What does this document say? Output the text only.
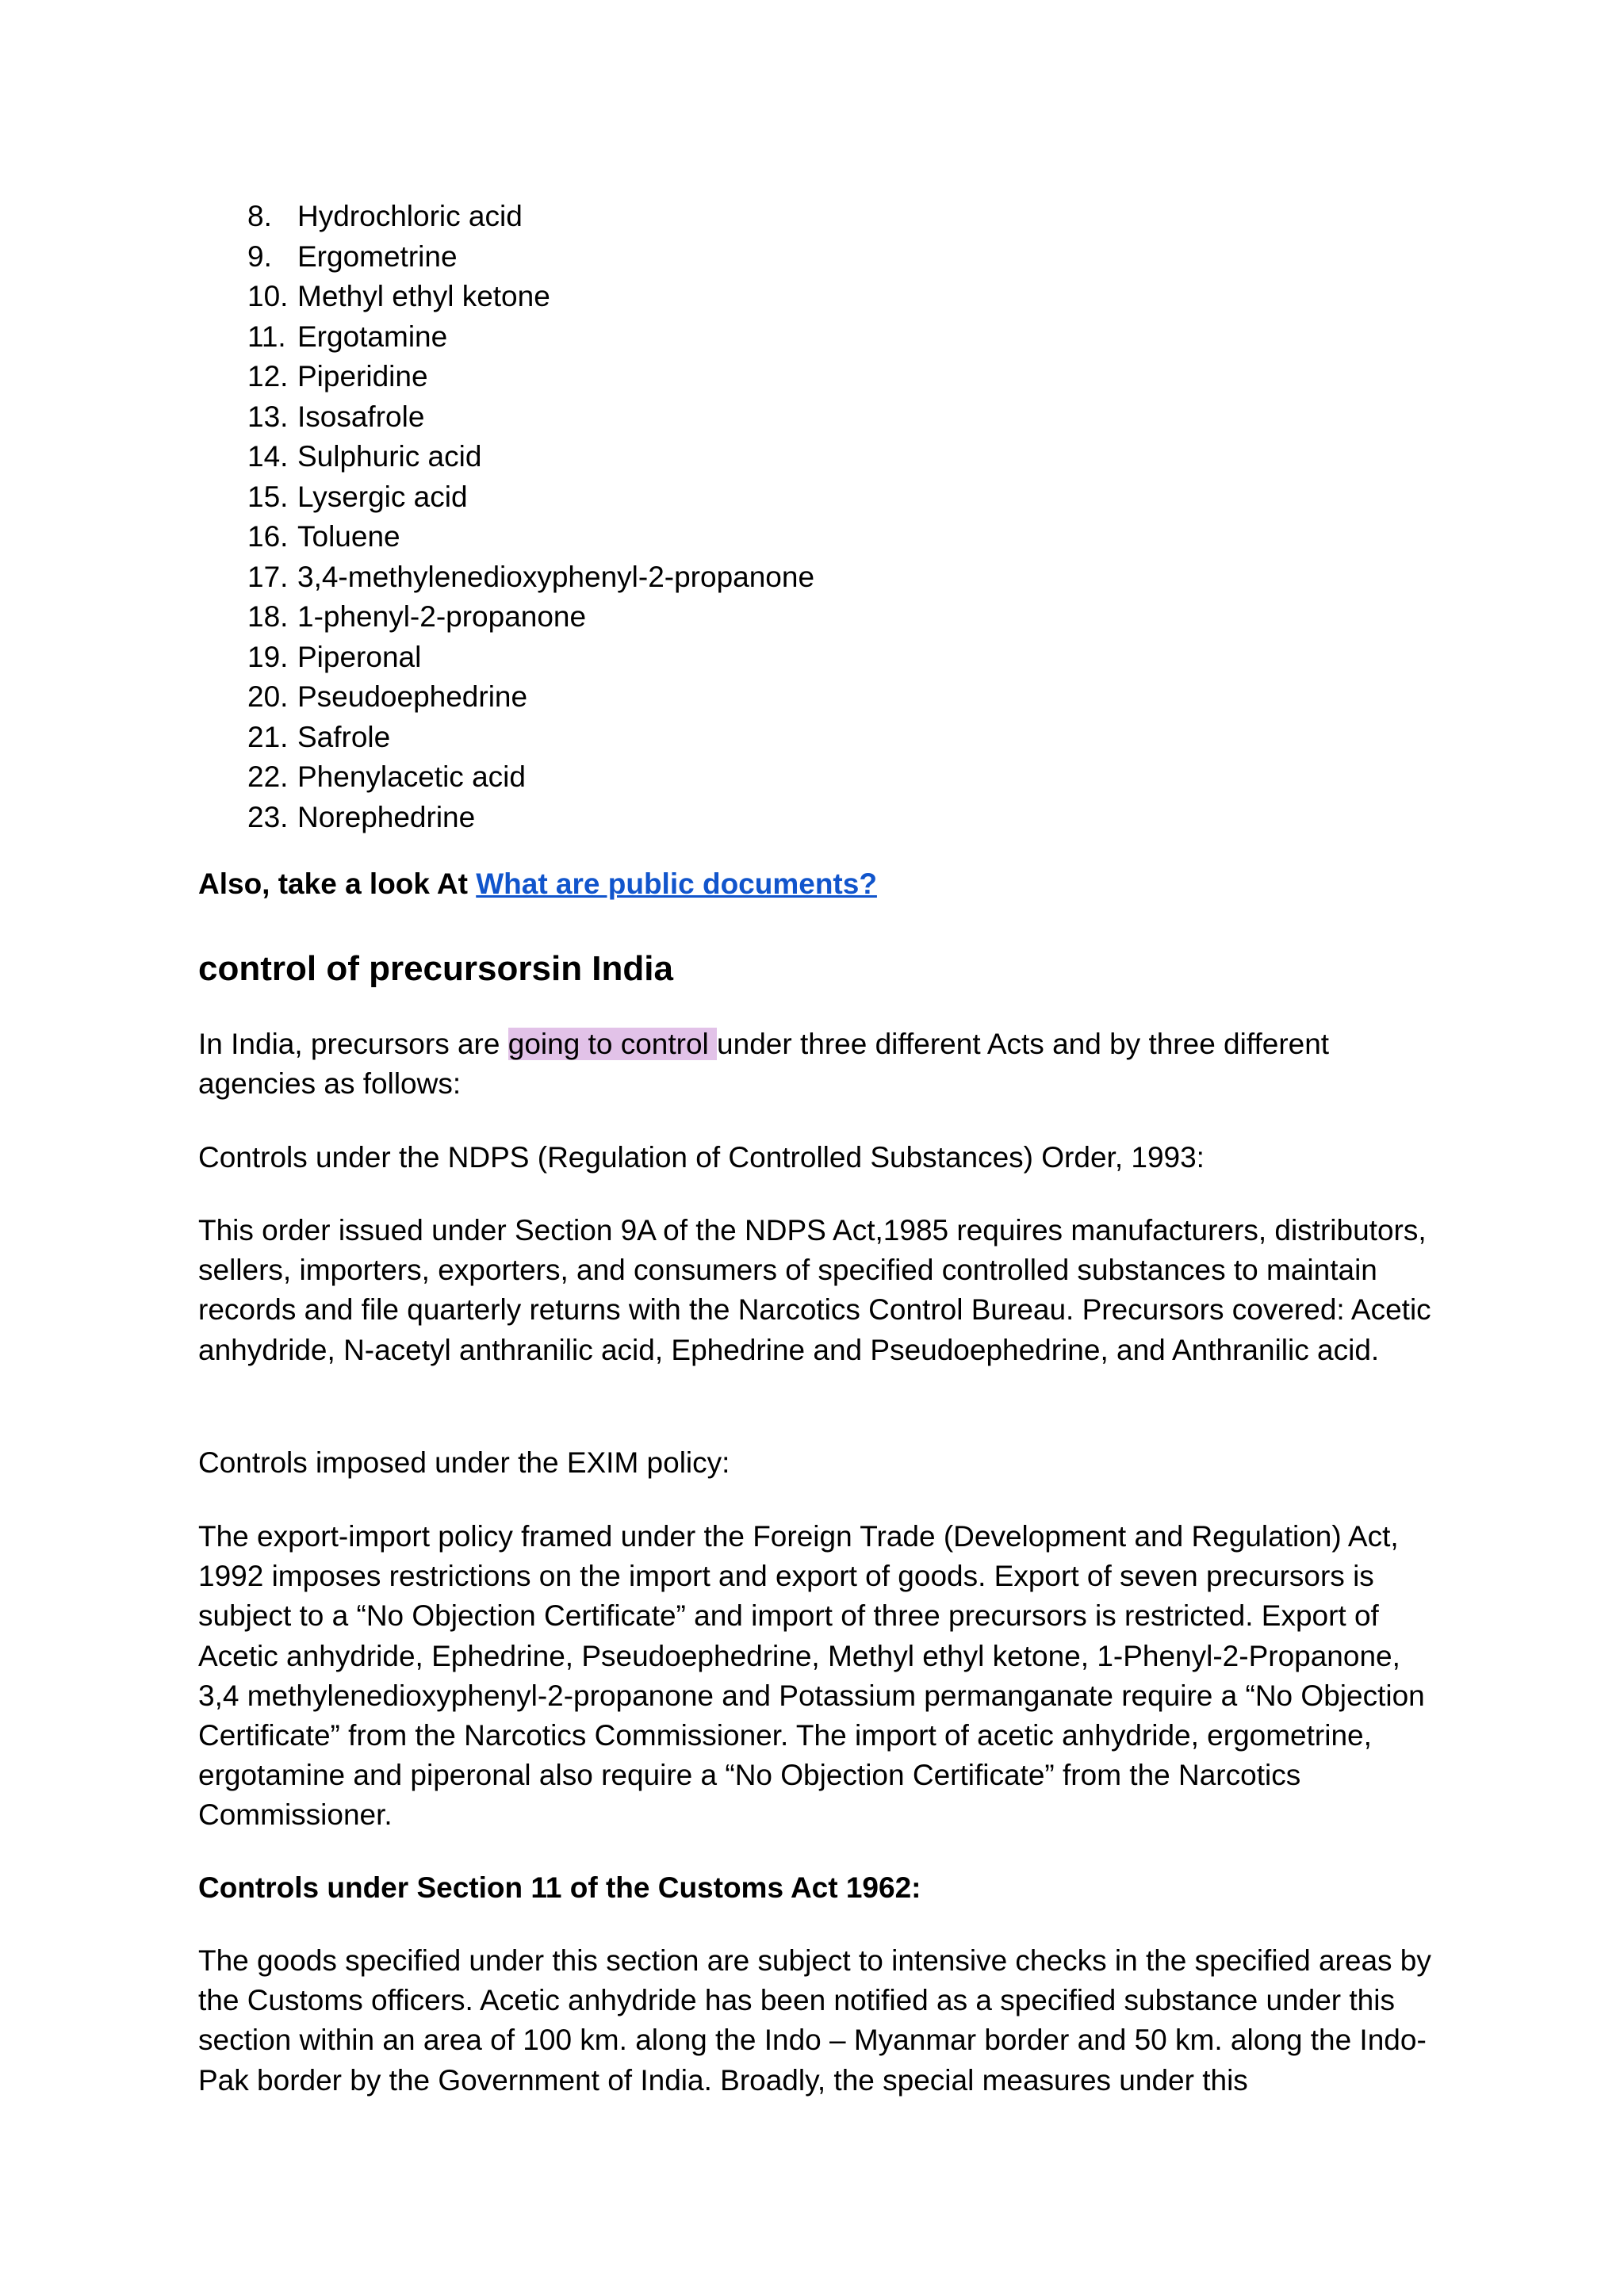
8. Hydrochloric acid
9. Ergometrine
10. Methyl ethyl ketone
11. Ergotamine
12. Piperidine
13. Isosafrole
14. Sulphuric acid
15. Lysergic acid
16. Toluene
17. 3,4-methylenedioxyphenyl-2-propanone
18. 1-phenyl-2-propanone
19. Piperonal
20. Pseudoephedrine
21. Safrole
22. Phenylacetic acid
23. Norephedrine

Also, take a look At What are public documents?

control of precursorsin India

In India, precursors are going to control under three different Acts and by three different agencies as follows:

Controls under the NDPS (Regulation of Controlled Substances) Order, 1993:

This order issued under Section 9A of the NDPS Act,1985 requires manufacturers, distributors, sellers, importers, exporters, and consumers of specified controlled substances to maintain records and file quarterly returns with the Narcotics Control Bureau. Precursors covered: Acetic anhydride, N-acetyl anthranilic acid, Ephedrine and Pseudoephedrine, and Anthranilic acid.

Controls imposed under the EXIM policy:

The export-import policy framed under the Foreign Trade (Development and Regulation) Act, 1992 imposes restrictions on the import and export of goods. Export of seven precursors is subject to a “No Objection Certificate” and import of three precursors is restricted. Export of Acetic anhydride, Ephedrine, Pseudoephedrine, Methyl ethyl ketone, 1-Phenyl-2-Propanone, 3,4 methylenedioxyphenyl-2-propanone and Potassium permanganate require a “No Objection Certificate” from the Narcotics Commissioner. The import of acetic anhydride, ergometrine, ergotamine and piperonal also require a “No Objection Certificate” from the Narcotics Commissioner.

Controls under Section 11 of the Customs Act 1962:

The goods specified under this section are subject to intensive checks in the specified areas by the Customs officers. Acetic anhydride has been notified as a specified substance under this section within an area of 100 km. along the Indo – Myanmar border and 50 km. along the Indo-Pak border by the Government of India. Broadly, the special measures under this
